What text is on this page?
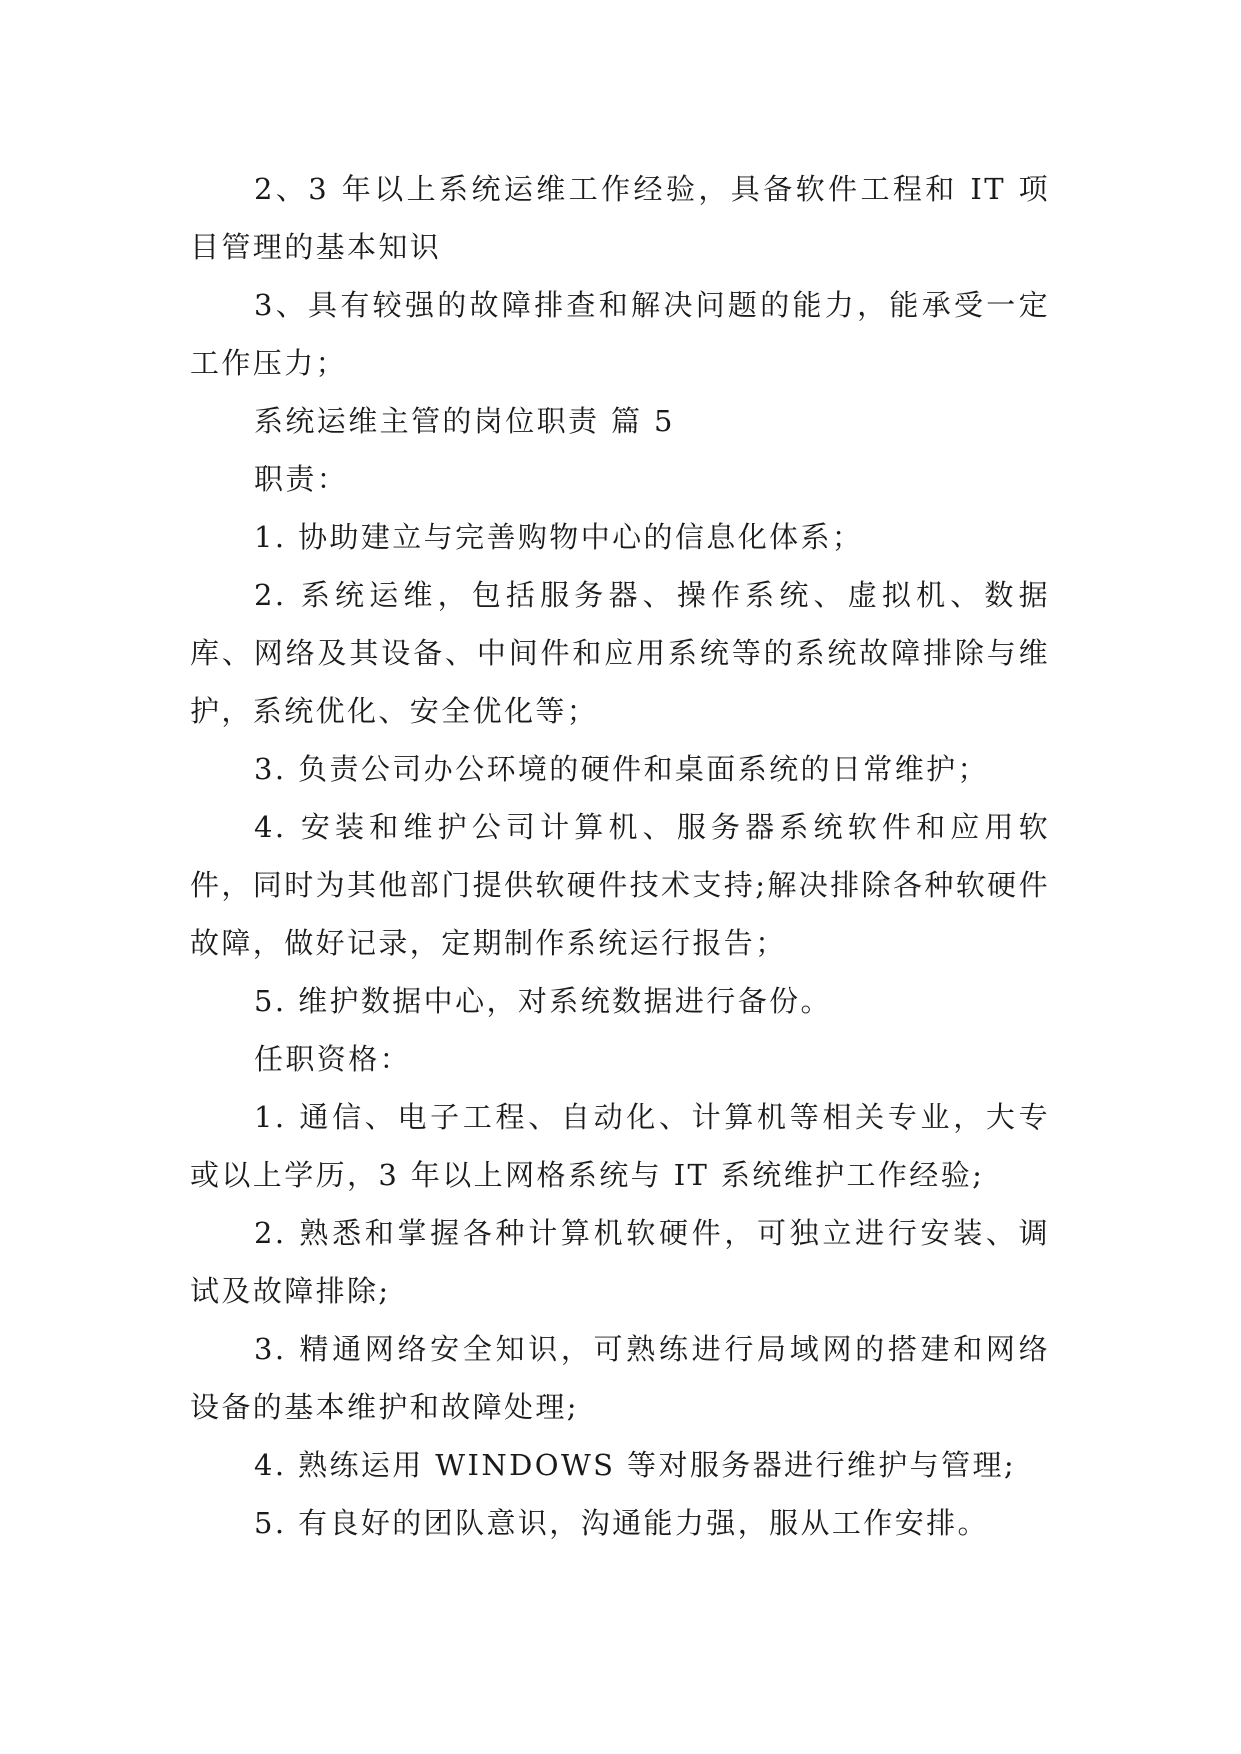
2、3 年以上系统运维工作经验，具备软件工程和 IT 项目管理的基本知识

3、具有较强的故障排查和解决问题的能力，能承受一定工作压力；

系统运维主管的岗位职责 篇 5

职责：

1. 协助建立与完善购物中心的信息化体系；

2. 系统运维，包括服务器、操作系统、虚拟机、数据库、网络及其设备、中间件和应用系统等的系统故障排除与维护，系统优化、安全优化等；

3. 负责公司办公环境的硬件和桌面系统的日常维护；

4. 安装和维护公司计算机、服务器系统软件和应用软件，同时为其他部门提供软硬件技术支持;解决排除各种软硬件故障，做好记录，定期制作系统运行报告；

5. 维护数据中心，对系统数据进行备份。

任职资格：

1. 通信、电子工程、自动化、计算机等相关专业，大专或以上学历，3 年以上网格系统与 IT 系统维护工作经验;

2. 熟悉和掌握各种计算机软硬件，可独立进行安装、调试及故障排除;

3. 精通网络安全知识，可熟练进行局域网的搭建和网络设备的基本维护和故障处理;

4. 熟练运用 WINDOWS 等对服务器进行维护与管理;

5. 有良好的团队意识，沟通能力强，服从工作安排。
